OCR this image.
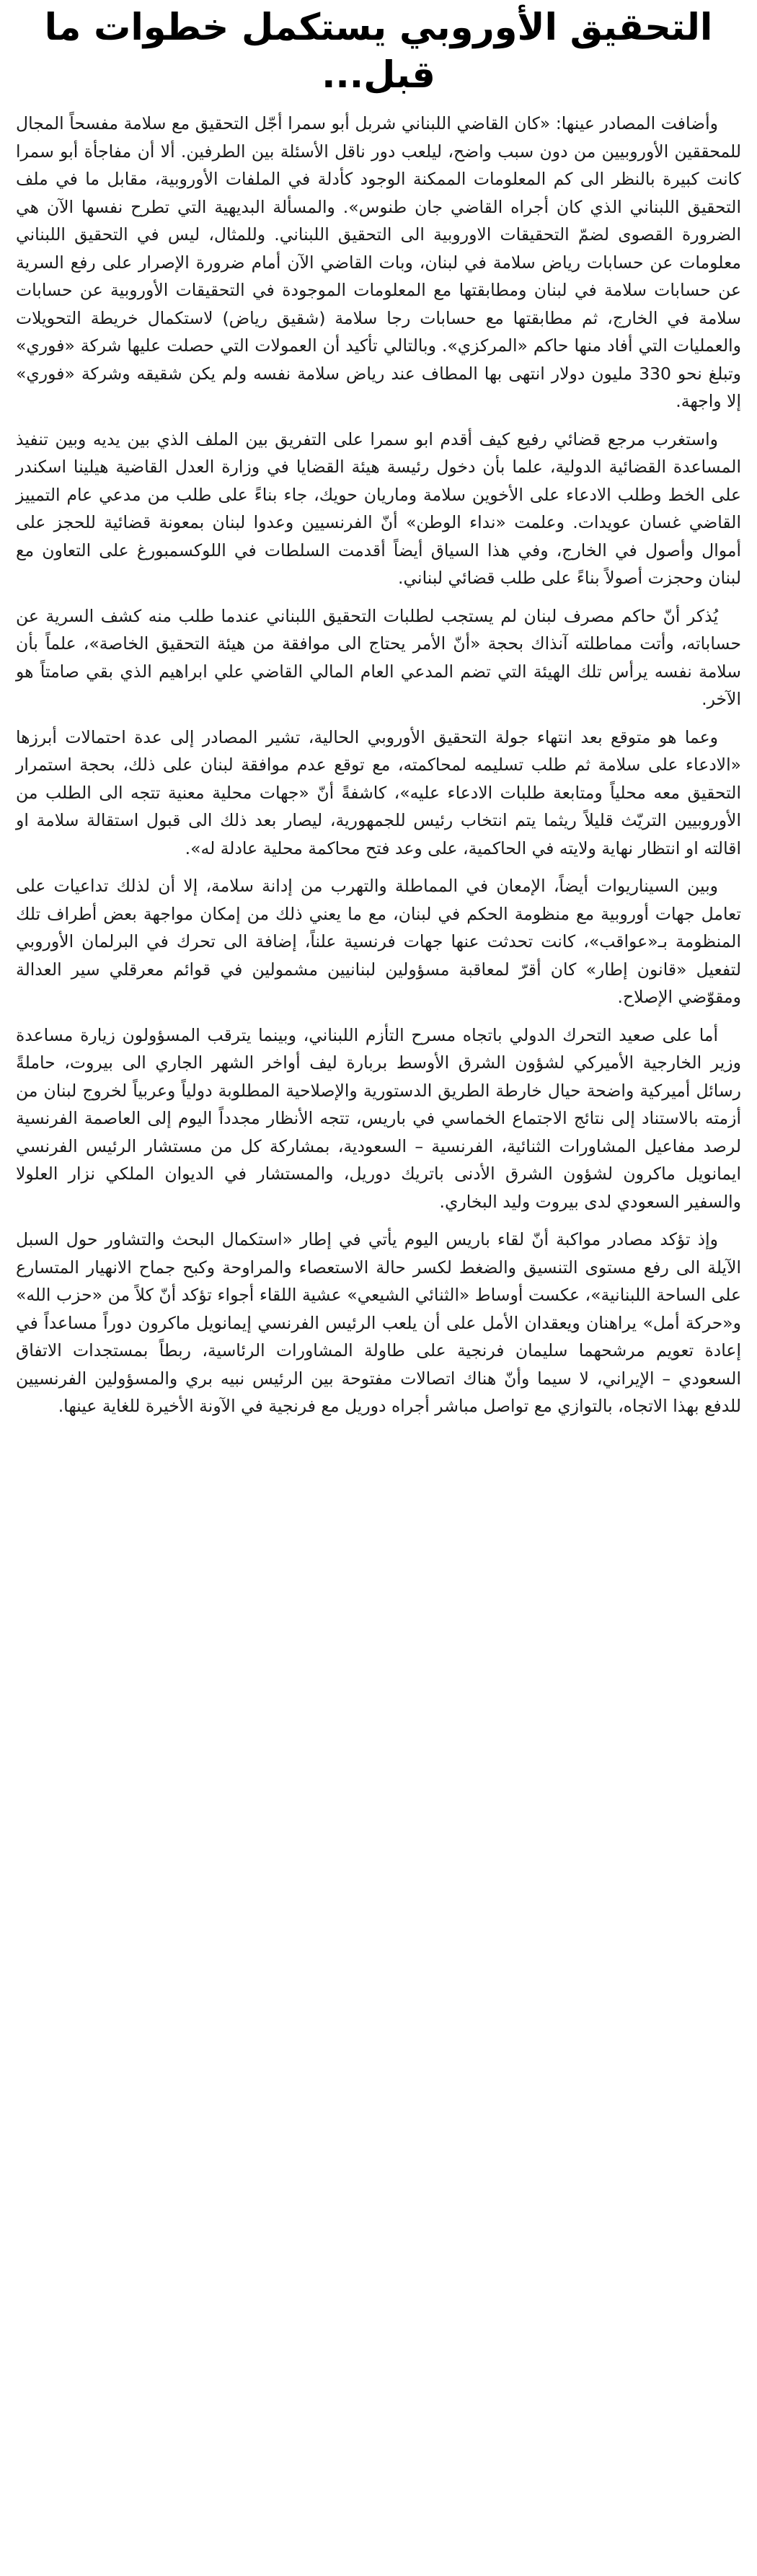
التحقيق الأوروبي يستكمل خطوات ما قبل...

وأضافت المصادر عينها: «كان القاضي اللبناني شربل أبو سمرا أجّل التحقيق مع سلامة مفسحاً المجال للمحققين الأوروبيين من دون سبب واضح، ليلعب دور ناقل الأسئلة بين الطرفين. ألا أن مفاجأة أبو سمرا كانت كبيرة بالنظر الى كم المعلومات الممكنة الوجود كأدلة في الملفات الأوروبية، مقابل ما في ملف التحقيق اللبناني الذي كان أجراه القاضي جان طنوس». والمسألة البديهية التي تطرح نفسها الآن هي الضرورة القصوى لضمّ التحقيقات الاوروبية الى التحقيق اللبناني. وللمثال، ليس في التحقيق اللبناني معلومات عن حسابات رياض سلامة في لبنان، وبات القاضي الآن أمام ضرورة الإصرار على رفع السرية عن حسابات سلامة في لبنان ومطابقتها مع المعلومات الموجودة في التحقيقات الأوروبية عن حسابات سلامة في الخارج، ثم مطابقتها مع حسابات رجا سلامة (شقيق رياض) لاستكمال خريطة التحويلات والعمليات التي أفاد منها حاكم «المركزي». وبالتالي تأكيد أن العمولات التي حصلت عليها شركة «فوري» وتبلغ نحو 330 مليون دولار انتهى بها المطاف عند رياض سلامة نفسه ولم يكن شقيقه وشركة «فوري» إلا واجهة.

واستغرب مرجع قضائي رفيع كيف أقدم ابو سمرا على التفريق بين الملف الذي بين يديه وبين تنفيذ المساعدة القضائية الدولية، علما بأن دخول رئيسة هيئة القضايا في وزارة العدل القاضية هيلينا اسكندر على الخط وطلب الادعاء على الأخوين سلامة وماريان حويك، جاء بناءً على طلب من مدعي عام التمييز القاضي غسان عويدات. وعلمت «نداء الوطن» أنّ الفرنسيين وعدوا لبنان بمعونة قضائية للحجز على أموال وأصول في الخارج، وفي هذا السياق أيضاً أقدمت السلطات في اللوكسمبورغ على التعاون مع لبنان وحجزت أصولاً بناءً على طلب قضائي لبناني.

يُذكر أنّ حاكم مصرف لبنان لم يستجب لطلبات التحقيق اللبناني عندما طلب منه كشف السرية عن حساباته، وأتت مماطلته آنذاك بحجة «أنّ الأمر يحتاج الى موافقة من هيئة التحقيق الخاصة»، علماً بأن سلامة نفسه يرأس تلك الهيئة التي تضم المدعي العام المالي القاضي علي ابراهيم الذي بقي صامتاً هو الآخر.

وعما هو متوقع بعد انتهاء جولة التحقيق الأوروبي الحالية، تشير المصادر إلى عدة احتمالات أبرزها «الادعاء على سلامة ثم طلب تسليمه لمحاكمته، مع توقع عدم موافقة لبنان على ذلك، بحجة استمرار التحقيق معه محلياً ومتابعة طلبات الادعاء عليه»، كاشفةً أنّ «جهات محلية معنية تتجه الى الطلب من الأوروبيين التريّث قليلاً ريثما يتم انتخاب رئيس للجمهورية، ليصار بعد ذلك الى قبول استقالة سلامة او اقالته او انتظار نهاية ولايته في الحاكمية، على وعد فتح محاكمة محلية عادلة له».

وبين السيناريوات أيضاً، الإمعان في المماطلة والتهرب من إدانة سلامة، إلا أن لذلك تداعيات على تعامل جهات أوروبية مع منظومة الحكم في لبنان، مع ما يعني ذلك من إمكان مواجهة بعض أطراف تلك المنظومة بـ«عواقب»، كانت تحدثت عنها جهات فرنسية علناً، إضافة الى تحرك في البرلمان الأوروبي لتفعيل «قانون إطار» كان أقرّ لمعاقبة مسؤولين لبنانيين مشمولين في قوائم معرقلي سير العدالة ومقوّضي الإصلاح.

أما على صعيد التحرك الدولي باتجاه مسرح التأزم اللبناني، وبينما يترقب المسؤولون زيارة مساعدة وزير الخارجية الأميركي لشؤون الشرق الأوسط بربارة ليف أواخر الشهر الجاري الى بيروت، حاملةً رسائل أميركية واضحة حيال خارطة الطريق الدستورية والإصلاحية المطلوبة دولياً وعربياً لخروج لبنان من أزمته بالاستناد إلى نتائج الاجتماع الخماسي في باريس، تتجه الأنظار مجدداً اليوم إلى العاصمة الفرنسية لرصد مفاعيل المشاورات الثنائية، الفرنسية – السعودية، بمشاركة كل من مستشار الرئيس الفرنسي ايمانويل ماكرون لشؤون الشرق الأدنى باتريك دوريل، والمستشار في الديوان الملكي نزار العلولا والسفير السعودي لدى بيروت وليد البخاري.

وإذ تؤكد مصادر مواكبة أنّ لقاء باريس اليوم يأتي في إطار «استكمال البحث والتشاور حول السبل الآيلة الى رفع مستوى التنسيق والضغط لكسر حالة الاستعصاء والمراوحة وكبح جماح الانهيار المتسارع على الساحة اللبنانية»، عكست أوساط «الثنائي الشيعي» عشية اللقاء أجواء تؤكد أنّ كلاً من «حزب الله» و«حركة أمل» يراهنان ويعقدان الأمل على أن يلعب الرئيس الفرنسي إيمانويل ماكرون دوراً مساعداً في إعادة تعويم مرشحهما سليمان فرنجية على طاولة المشاورات الرئاسية، ربطاً بمستجدات الاتفاق السعودي – الإيراني، لا سيما وأنّ هناك اتصالات مفتوحة بين الرئيس نبيه بري والمسؤولين الفرنسيين للدفع بهذا الاتجاه، بالتوازي مع تواصل مباشر أجراه دوريل مع فرنجية في الآونة الأخيرة للغاية عينها.
